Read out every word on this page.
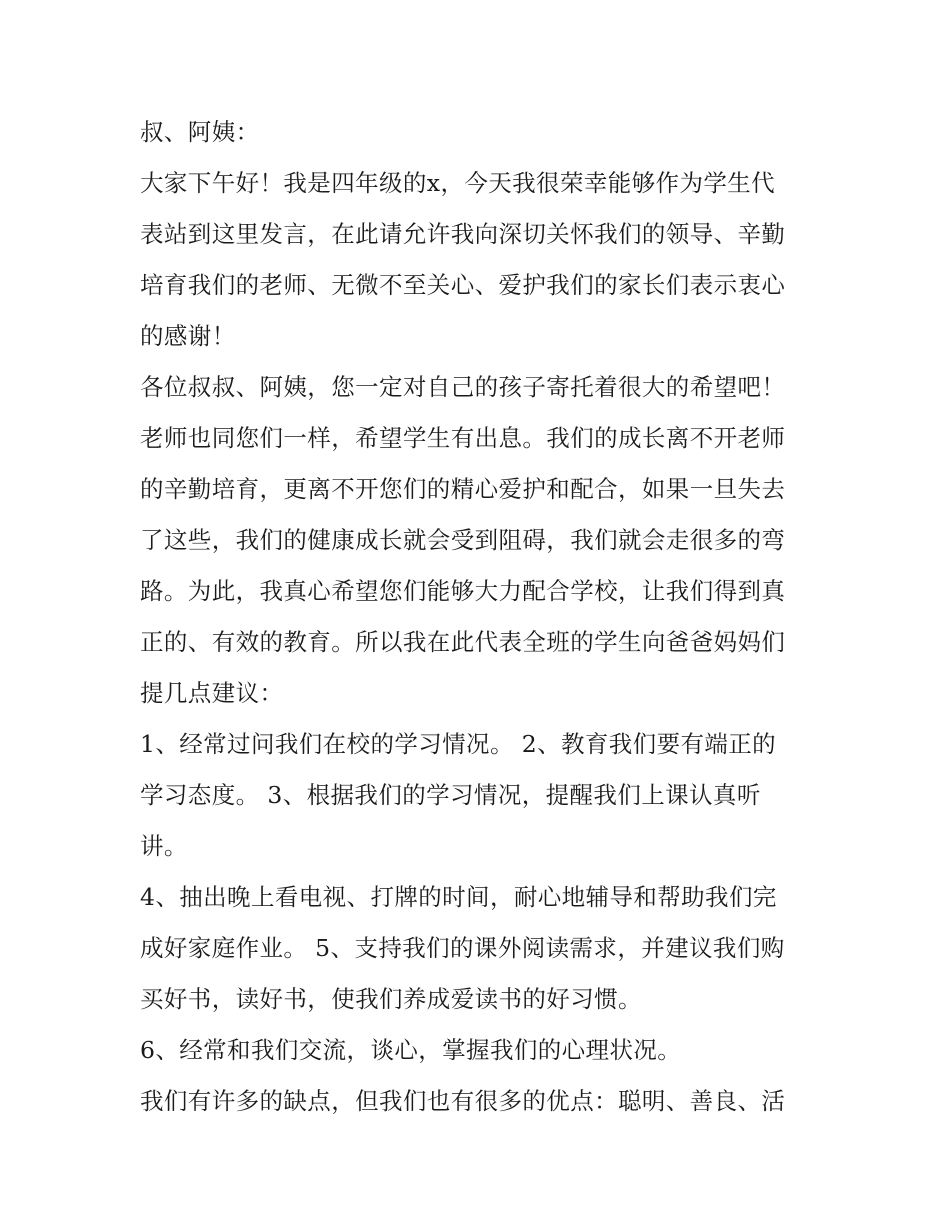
叔、阿姨：
大家下午好！我是四年级的x，今天我很荣幸能够作为学生代
表站到这里发言，在此请允许我向深切关怀我们的领导、辛勤
培育我们的老师、无微不至关心、爱护我们的家长们表示衷心
的感谢！
各位叔叔、阿姨，您一定对自己的孩子寄托着很大的希望吧！
老师也同您们一样，希望学生有出息。我们的成长离不开老师
的辛勤培育，更离不开您们的精心爱护和配合，如果一旦失去
了这些，我们的健康成长就会受到阻碍，我们就会走很多的弯
路。为此，我真心希望您们能够大力配合学校，让我们得到真
正的、有效的教育。所以我在此代表全班的学生向爸爸妈妈们
提几点建议：
1、经常过问我们在校的学习情况。 2、教育我们要有端正的
学习态度。 3、根据我们的学习情况，提醒我们上课认真听
讲。
4、抽出晚上看电视、打牌的时间，耐心地辅导和帮助我们完
成好家庭作业。 5、支持我们的课外阅读需求，并建议我们购
买好书，读好书，使我们养成爱读书的好习惯。
6、经常和我们交流，谈心，掌握我们的心理状况。
我们有许多的缺点，但我们也有很多的优点：聪明、善良、活
